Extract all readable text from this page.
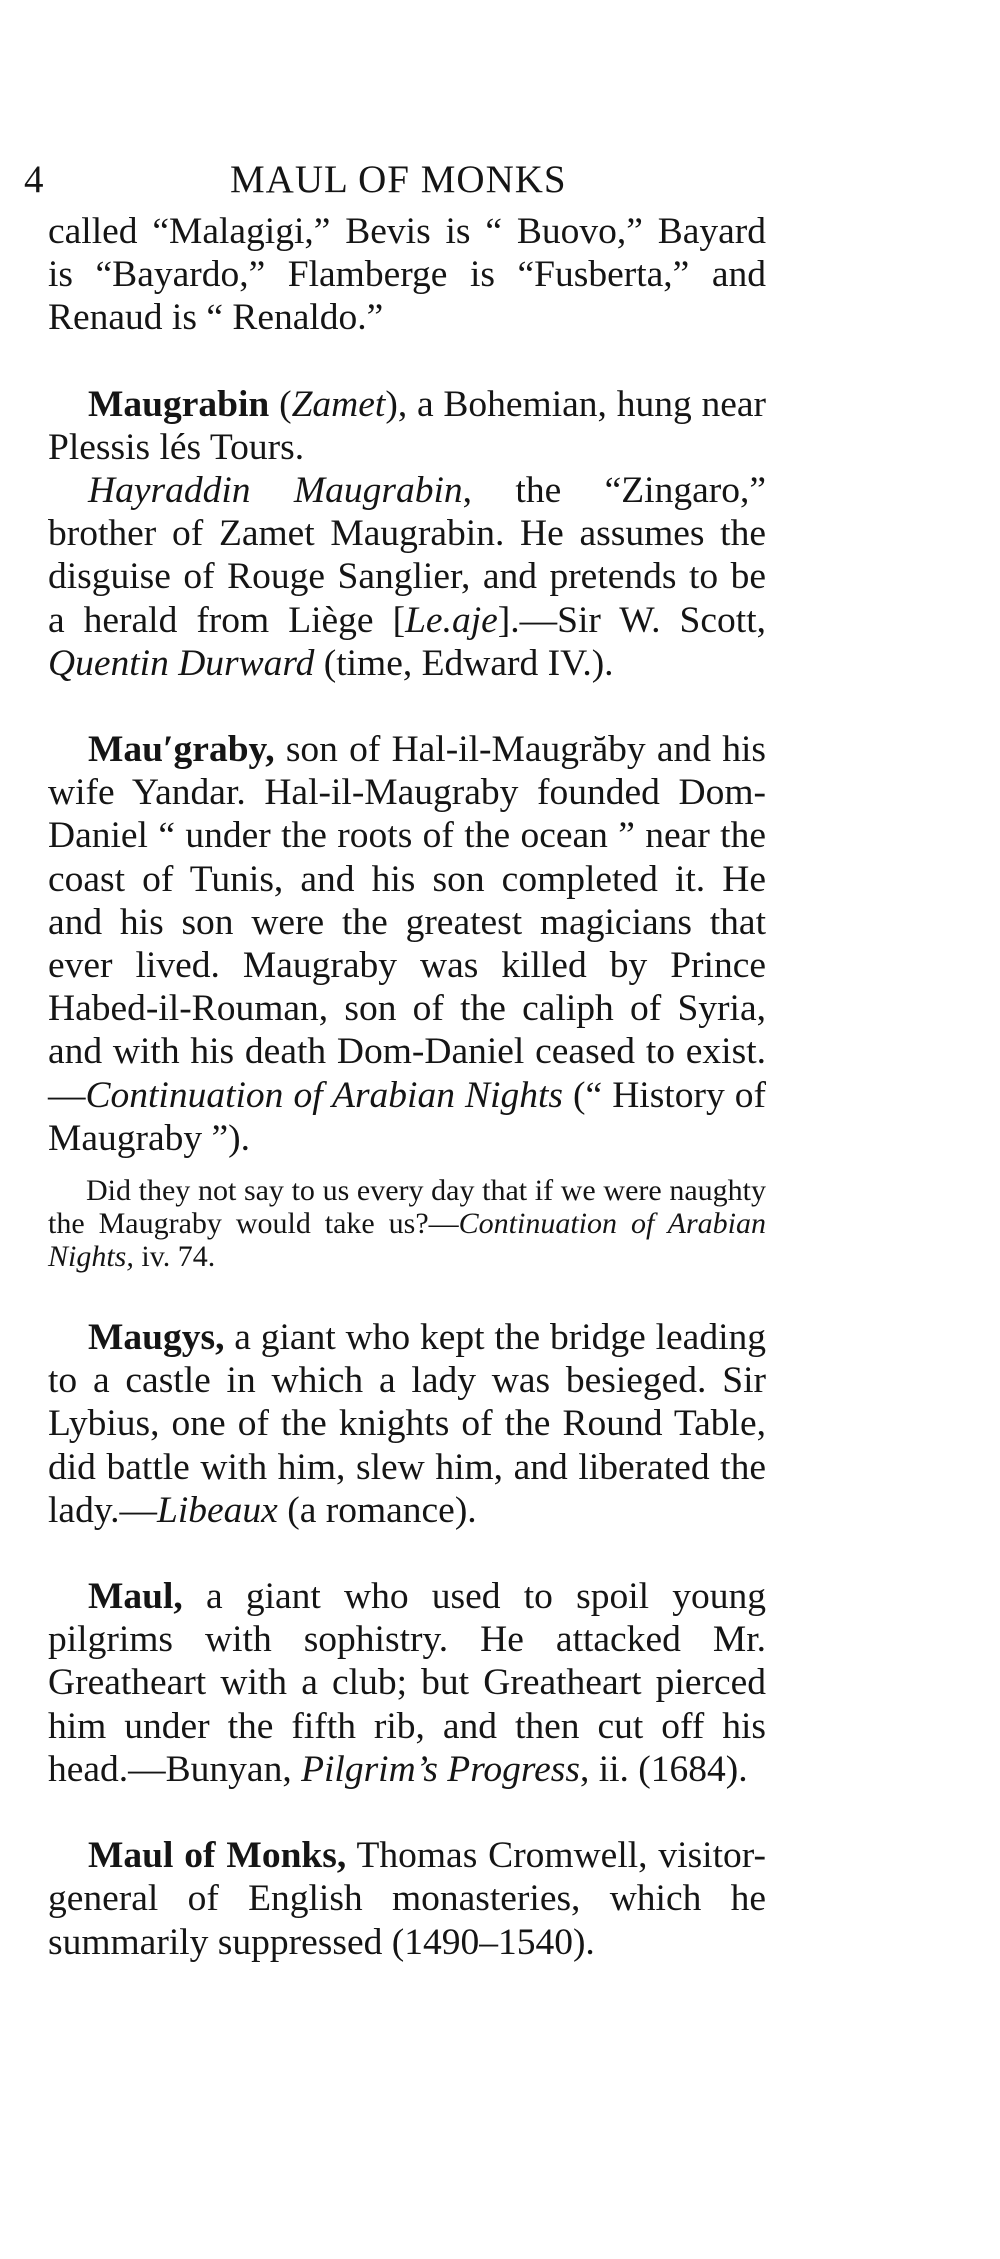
4	MAUL OF MONKS

called “Malagigi,” Bevis is “ Buovo,” Bayard is “Bayardo,” Flamberge is “Fusberta,” and Renaud is “ Renaldo.”

Maugrabin (Zamet), a Bohemian, hung near Plessis lés Tours.

Hayraddin Maugrabin, the “Zingaro,” brother of Zamet Maugrabin. He assumes the disguise of Rouge Sanglier, and pretends to be a herald from Liège [Le.aje].—Sir W. Scott, Quentin Durward (time, Edward IV.).

Mau′graby, son of Hal-il-Maugrăby and his wife Yandar. Hal-il-Maugraby founded Dom-Daniel “ under the roots of the ocean ” near the coast of Tunis, and his son completed it. He and his son were the greatest magicians that ever lived. Maugraby was killed by Prince Habed-il-Rouman, son of the caliph of Syria, and with his death Dom-Daniel ceased to exist.—Continuation of Arabian Nights (“ History of Maugraby ”).

Did they not say to us every day that if we were naughty the Maugraby would take us?—Continuation of Arabian Nights, iv. 74.

Maugys, a giant who kept the bridge leading to a castle in which a lady was besieged. Sir Lybius, one of the knights of the Round Table, did battle with him, slew him, and liberated the lady.—Libeaux (a romance).

Maul, a giant who used to spoil young pilgrims with sophistry. He attacked Mr. Greatheart with a club; but Greatheart pierced him under the fifth rib, and then cut off his head.—Bunyan, Pilgrim’s Progress, ii. (1684).

Maul of Monks, Thomas Cromwell, visitor-general of English monasteries, which he summarily suppressed (1490–1540).
